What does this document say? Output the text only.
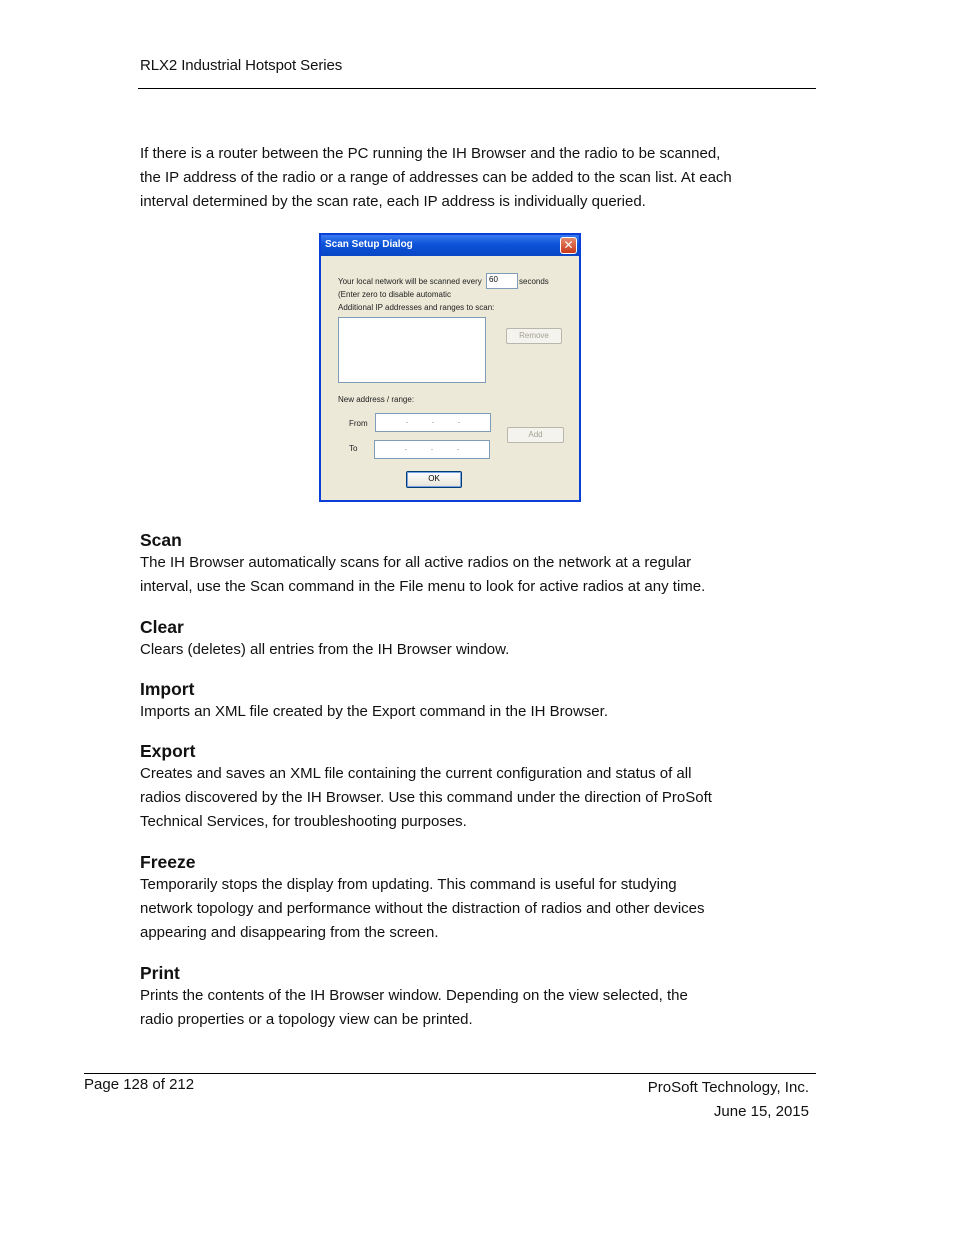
RLX2 Industrial Hotspot Series
If there is a router between the PC running the IH Browser and the radio to be scanned,
the IP address of the radio or a range of addresses can be added to the scan list. At each
interval determined by the scan rate, each IP address is individually queried.
Scan Setup Dialog	✕
Your local network will be scanned every 60	seconds
(Enter zero to disable automatic
Additional IP addresses and ranges to scan:
Remove
New address / range:
From	.	.	.
Add
To	.	.	.
OK
Scan

The IH Browser automatically scans for all active radios on the network at a regular

interval, use the Scan command in the File menu to look for active radios at any time.

Clear

Clears (deletes) all entries from the IH Browser window.

Import

Imports an XML file created by the Export command in the IH Browser.

Export

Creates and saves an XML file containing the current configuration and status of all

radios discovered by the IH Browser. Use this command under the direction of ProSoft

Technical Services, for troubleshooting purposes.

Freeze

Temporarily stops the display from updating. This command is useful for studying

network topology and performance without the distraction of radios and other devices

appearing and disappearing from the screen.

Print

Prints the contents of the IH Browser window. Depending on the view selected, the

radio properties or a topology view can be printed.

Page 128 of 212	ProSoft Technology, Inc.
June 15, 2015
